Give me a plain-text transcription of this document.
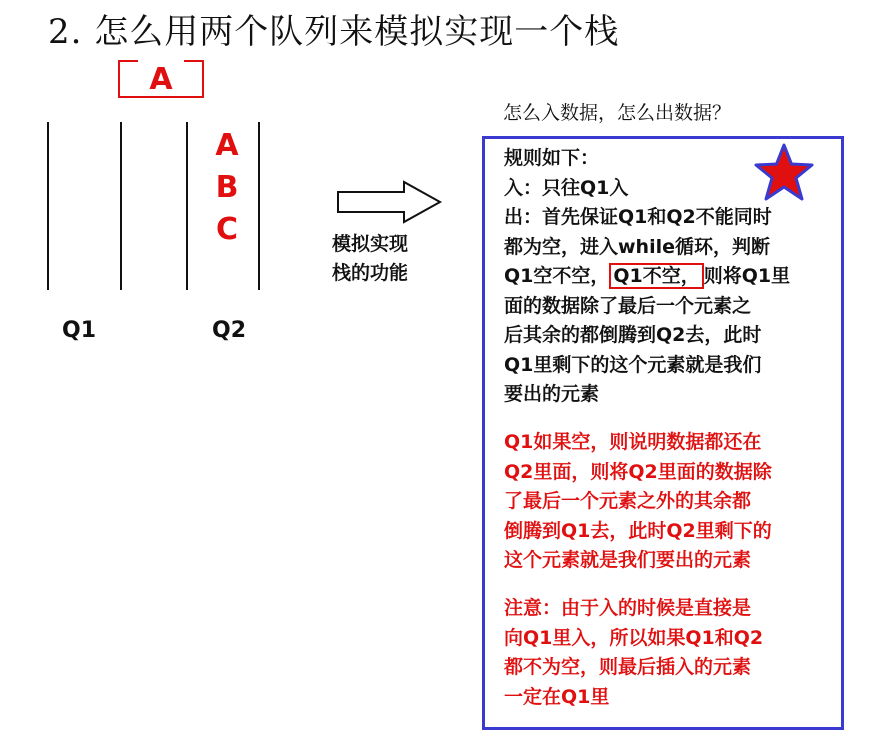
2. 怎么用两个队列来模拟实现一个栈
A
A
B
C
Q1	Q2
模拟实现
栈的功能
怎么入数据，怎么出数据？
规则如下：
入：只往Q1入
出：首先保证Q1和Q2不能同时
都为空，进入while循环，判断
Q1空不空， Q1不空， 则将Q1里
面的数据除了最后一个元素之
后其余的都倒腾到Q2去，此时
Q1里剩下的这个元素就是我们
要出的元素
Q1如果空，则说明数据都还在
Q2里面，则将Q2里面的数据除
了最后一个元素之外的其余都
倒腾到Q1去，此时Q2里剩下的
这个元素就是我们要出的元素
注意：由于入的时候是直接是
向Q1里入，所以如果Q1和Q2
都不为空，则最后插入的元素
一定在Q1里
